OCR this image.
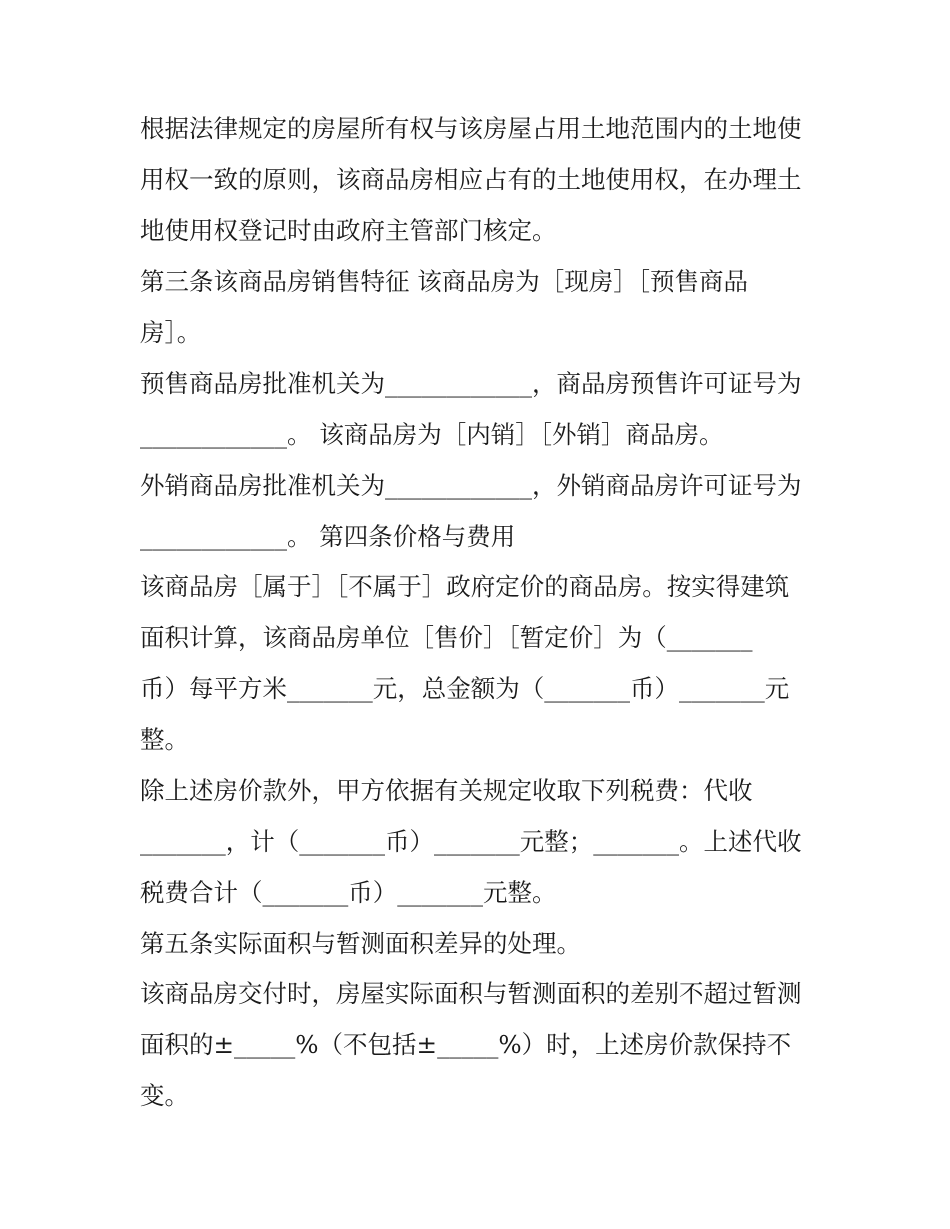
根据法律规定的房屋所有权与该房屋占用土地范围内的土地使

用权一致的原则，该商品房相应占有的土地使用权，在办理土

地使用权登记时由政府主管部门核定。

第三条该商品房销售特征 该商品房为［现房］［预售商品

房］。

预售商品房批准机关为____________，商品房预售许可证号为

____________。 该商品房为［内销］［外销］商品房。

外销商品房批准机关为____________，外销商品房许可证号为

____________。 第四条价格与费用

该商品房［属于］［不属于］政府定价的商品房。按实得建筑

面积计算，该商品房单位［售价］［暂定价］为（_______

币）每平方米_______元，总金额为（_______币）_______元

整。

除上述房价款外，甲方依据有关规定收取下列税费：代收

_______，计（_______币）_______元整；_______。上述代收

税费合计（_______币）_______元整。

第五条实际面积与暂测面积差异的处理。

该商品房交付时，房屋实际面积与暂测面积的差别不超过暂测

面积的±_____%（不包括±_____%）时，上述房价款保持不

变。
